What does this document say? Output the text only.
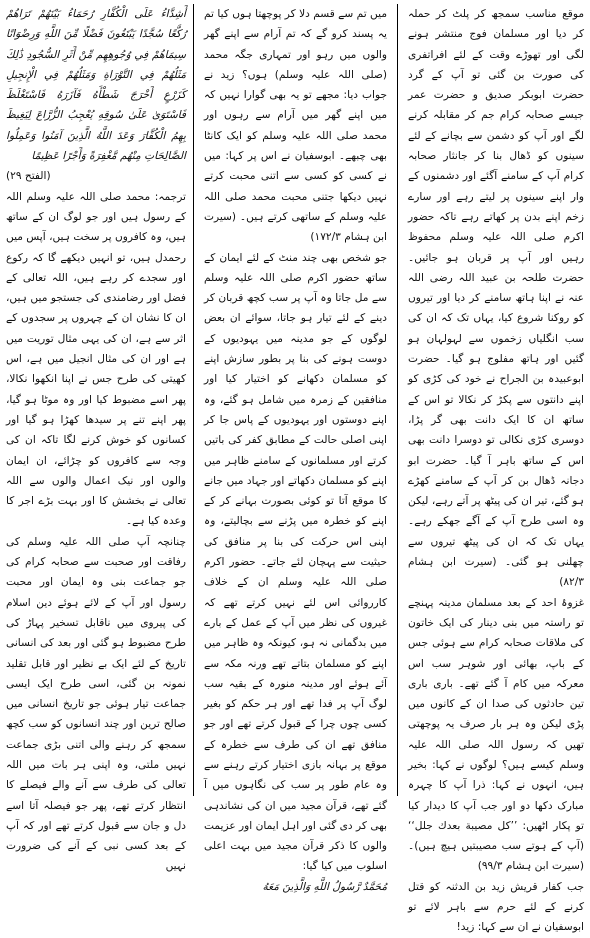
موقع مناسب سمجھ کر پلٹ کر حملہ کر دیا اور مسلمان فوج منتشر ہونے لگی اور تھوڑے وقت کے لئے افراتفری کی صورت بن گئی تو آپ کے گرد حضرت ابوبکر صدیق و حضرت عمر جیسے صحابہ کرام جم کر مقابلہ کرنے لگے اور آپ کو دشمن سے بچانے کے لئے سینوں کو ڈھال بنا کر جانثار صحابہ کرام آپ کے سامنے آگئے اور دشمنوں کے وار اپنے سینوں پر لیتے رہے اور سارے زخم اپنے بدن پر کھاتے رہے تاکہ حضور اکرم صلی اللہ علیہ وسلم محفوظ رہیں اور آپ پر قربان ہو جائیں۔ حضرت طلحہ بن عبید اللہ رضی اللہ عنہ نے اپنا ہاتھ سامنے کر دیا اور تیروں کو روکنا شروع کیا، یہاں تک کہ ان کی سب انگلیاں زخموں سے لہولہان ہو گئیں اور ہاتھ مفلوج ہو گیا۔ حضرت ابوعبیدہ بن الجراح نے خود کی کڑی کو اپنے دانتوں سے پکڑ کر نکالا تو اس کے ساتھ ان کا ایک دانت بھی گر پڑا، دوسری کڑی نکالی تو دوسرا دانت بھی اس کے ساتھ باہر آ گیا۔ حضرت ابو دجانہ ڈھال بن کر آپ کے سامنے کھڑے ہو گئے، تیر ان کی پیٹھ پر آتے رہے، لیکن وہ اسی طرح آپ کے آگے جھکے رہے۔ یہاں تک کہ ان کی پیٹھ تیروں سے چھلنی ہو گئی۔ (سیرت ابن ہشام ۸۲/۳)

غزوۂ احد کے بعد مسلمان مدینہ پہنچے تو راستہ میں بنی دینار کی ایک خاتون کی ملاقات صحابہ کرام سے ہوئی جس کے باپ، بھائی اور شوہر سب اس معرکہ میں کام آ گئے تھے۔ باری باری تین حادثوں کی صدا ان کے کانوں میں پڑی لیکن وہ ہر بار صرف یہ پوچھتی تھیں کہ رسول اللہ صلی اللہ علیہ وسلم کیسے ہیں؟ لوگوں نے کہا: بخیر ہیں، انہوں نے کہا: ذرا آپ کا چہرہ مبارک دکھا دو اور جب آپ کا دیدار کیا تو پکار اٹھیں: ’’كل مصيبة بعدك جلل‘‘ (آپ کے ہوتے سب مصیبتیں ہیچ ہیں)۔ (سیرت ابن ہشام ۹۹/۳)

جب کفار قریش زید بن الدثنہ کو قتل کرنے کے لئے حرم سے باہر لائے تو ابوسفیان نے ان سے کہا: زید!

میں تم سے قسم دلا کر پوچھتا ہوں کیا تم یہ پسند کرو گے کہ تم آرام سے اپنے گھر والوں میں رہو اور تمہاری جگہ محمد (صلی اللہ علیہ وسلم) ہوں؟ زید نے جواب دیا: مجھے تو یہ بھی گوارا نہیں کہ میں اپنے گھر میں آرام سے رہوں اور محمد صلی اللہ علیہ وسلم کو ایک کانٹا بھی چبھے۔ ابوسفیان نے اس پر کہا: میں نے کسی کو کسی سے اتنی محبت کرتے نہیں دیکھا جتنی محبت محمد صلی اللہ علیہ وسلم کے ساتھی کرتے ہیں۔ (سیرت ابن ہشام ۱۷۲/۳)

جو شخص بھی چند منٹ کے لئے ایمان کے ساتھ حضور اکرم صلی اللہ علیہ وسلم سے مل جاتا وہ آپ پر سب کچھ قربان کر دینے کے لئے تیار ہو جاتا، سوائے ان بعض لوگوں کے جو مدینہ میں یہودیوں کے دوست ہونے کی بنا پر بطور سازش اپنے کو مسلمان دکھانے کو اختیار کیا اور منافقین کے زمرہ میں شامل ہو گئے، وہ اپنے دوستوں اور یہودیوں کے پاس جا کر اپنی اصلی حالت کے مطابق کفر کی باتیں کرتے اور مسلمانوں کے سامنے ظاہر میں اپنے کو مسلمان دکھاتے اور جہاد میں جانے کا موقع آتا تو کوئی بصورت بہانے کر کے اپنے کو خطرہ میں پڑنے سے بچالیتے، وہ اپنی اس حرکت کی بنا پر منافق کی حیثیت سے پہچان لئے جاتے۔ حضور اکرم صلی اللہ علیہ وسلم ان کے خلاف کارروائی اس لئے نہیں کرتے تھے کہ غیروں کی نظر میں آپ کے عمل کے بارے میں بدگمانی نہ ہو، کیونکہ وہ ظاہر میں اپنے کو مسلمان بتاتے تھے ورنہ مکہ سے آئے ہوئے اور مدینہ منورہ کے بقیہ سب لوگ آپ پر فدا تھے اور ہر حکم کو بغیر کسی چوں چرا کے قبول کرتے تھے اور جو منافق تھے ان کی طرف سے خطرہ کے موقع پر بہانہ بازی اختیار کرتے رہنے سے وہ عام طور پر سب کی نگاہوں میں آ گئے تھے، قرآن مجید میں ان کی نشاندہی بھی کر دی گئی اور اہل ایمان اور عزیمت والوں کا ذکر قرآن مجید میں بہت اعلی اسلوب میں کیا گیا:

مُحَمَّدٌ رَّسُولُ اللَّهِ وَالَّذِينَ مَعَهُ

أَشِدَّاءُ عَلَى الْكُفَّارِ رُحَمَاءُ بَيْنَهُمْ تَرَاهُمْ رُكَّعًا سُجَّدًا يَبْتَغُونَ فَضْلًا مِّنَ اللَّهِ وَرِضْوَانًا سِيمَاهُمْ فِي وُجُوهِهِم مِّنْ أَثَرِ السُّجُودِ ذَٰلِكَ مَثَلُهُمْ فِي التَّوْرَاةِ وَمَثَلُهُمْ فِي الْإِنجِيلِ كَزَرْعٍ أَخْرَجَ شَطْأَهُ فَآزَرَهُ فَاسْتَغْلَظَ فَاسْتَوَىٰ عَلَىٰ سُوقِهِ يُعْجِبُ الزُّرَّاعَ لِيَغِيظَ بِهِمُ الْكُفَّارَ وَعَدَ اللَّهُ الَّذِينَ آمَنُوا وَعَمِلُوا الصَّالِحَاتِ مِنْهُم مَّغْفِرَةً وَأَجْرًا عَظِيمًا

(الفتح ۲۹)

ترجمہ: محمد صلی اللہ علیہ وسلم اللہ کے رسول ہیں اور جو لوگ ان کے ساتھ ہیں، وہ کافروں پر سخت ہیں، آپس میں رحمدل ہیں، تو انہیں دیکھے گا کہ رکوع اور سجدے کر رہے ہیں، اللہ تعالی کے فضل اور رضامندی کی جستجو میں ہیں، ان کا نشان ان کے چہروں پر سجدوں کے اثر سے ہے، ان کی یہی مثال توریت میں ہے اور ان کی مثال انجیل میں ہے، اس کھیتی کی طرح جس نے اپنا انکھوا نکالا، پھر اسے مضبوط کیا اور وہ موٹا ہو گیا، پھر اپنے تنے پر سیدھا کھڑا ہو گیا اور کسانوں کو خوش کرنے لگا تاکہ ان کی وجہ سے کافروں کو چڑائے، ان ایمان والوں اور نیک اعمال والوں سے اللہ تعالی نے بخشش کا اور بہت بڑے اجر کا وعدہ کیا ہے۔

چنانچہ آپ صلی اللہ علیہ وسلم کی رفاقت اور صحبت سے صحابہ کرام کی جو جماعت بنی وہ ایمان اور محبت رسول اور آپ کے لائے ہوئے دین اسلام کی پیروی میں ناقابل تسخیر پہاڑ کی طرح مضبوط ہو گئی اور بعد کی انسانی تاریخ کے لئے ایک بے نظیر اور قابل تقلید نمونہ بن گئی، اسی طرح ایک ایسی جماعت تیار ہوئی جو تاریخ انسانی میں صالح ترین اور چند انسانوں کو سب کچھ سمجھ کر رہنے والی اتنی بڑی جماعت نہیں ملتی، وہ اپنی ہر بات میں اللہ تعالی کی طرف سے آنے والے فیصلے کا انتظار کرتے تھے، پھر جو فیصلہ آتا اسے دل و جان سے قبول کرتے تھے اور کہ آپ کے بعد کسی نبی کے آنے کی ضرورت نہیں
